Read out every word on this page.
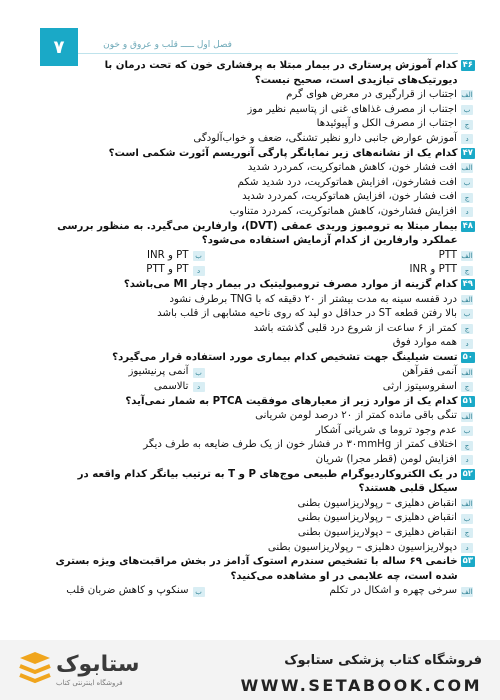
۷	فصل اول ـــــ قلب و عروق و خون
۴۶
کدام آموزش پرستاری در بیمار مبتلا به پرفشاری خون که تحت درمان با دیورتیک‌های تیازیدی است، صحیح نیست؟
الف
اجتناب از قرارگیری در معرض هوای گرم
ب
اجتناب از مصرف غذاهای غنی از پتاسیم نظیر موز
ج
اجتناب از مصرف الکل و آپیوئیدها
د
آموزش عوارض جانبی دارو نظیر تشنگی، ضعف و خواب‌آلودگی
۴۷
کدام یک از نشانه‌های زیر نمایانگر پارگی آنوریسم آئورت شکمی است؟
الف
افت فشار خون، کاهش هماتوکریت، کمردرد شدید
ب
افت فشارخون، افزایش هماتوکریت، درد شدید شکم
ج
افت فشار خون، افزایش هماتوکریت، کمردرد شدید
د
افزایش فشارخون، کاهش هماتوکریت، کمردرد متناوب
۴۸
بیمار مبتلا به ترومبوز وریدی عمقی (DVT)، وارفارین می‌گیرد. به منظور بررسی عملکرد وارفارین از کدام آزمایش استفاده می‌شود؟
الف
PTT
ب
PT و INR
ج
PTT و INR
د
PT و PTT
۴۹
کدام گزینه از موارد مصرف ترومبولیتیک در بیمار دچار MI می‌باشد؟
الف
درد قفسه سینه به مدت بیشتر از ۲۰ دقیقه که با TNG برطرف نشود
ب
بالا رفتن قطعه ST در حداقل دو لید که روی ناحیه مشابهی از قلب باشد
ج
کمتر از ۶ ساعت از شروع درد قلبی گذشته باشد
د
همه موارد فوق
۵۰
تست شیلینگ جهت تشخیص کدام بیماری مورد استفاده قرار می‌گیرد؟
الف
آنمی فقرآهن
ب
آنمی پرنیشیوز
ج
اسفروسیتوز ارثی
د
تالاسمی
۵۱
کدام یک از موارد زیر از معیارهای موفقیت PTCA به شمار نمی‌آید؟
الف
تنگی باقی مانده کمتر از ۲۰ درصد لومن شریانی
ب
عدم وجود تروما ی شریانی آشکار
ج
اختلاف کمتر از ۳۰mmHg در فشار خون از یک طرف ضایعه به طرف دیگر
د
افزایش لومن (قطر مجرا) شریان
۵۲
در یک الکتروکاردیوگرام طبیعی موج‌های P و T به ترتیب بیانگر کدام واقعه در سیکل قلبی هستند؟
الف
انقباض دهلیزی – رپولاریزاسیون بطنی
ب
انقباض دهلیزی – رپولاریزاسیون بطنی
ج
انقباض دهلیزی – دپولاریزاسیون بطنی
د
دپولاریزاسیون دهلیزی – رپولاریزاسیون بطنی
۵۳
خانمی ۶۹ ساله با تشخیص سندرم استوک آدامز در بخش مراقبت‌های ویژه بستری شده است، چه علایمی در او مشاهده می‌کنید؟
الف
سرخی چهره و اشکال در تکلم
ب
سنکوپ و کاهش ضربان قلب
ستابوک
فروشگاه اینترنتی کتاب
فروشگاه کتاب پزشکی ستابوک
WWW.SETABOOK.COM
